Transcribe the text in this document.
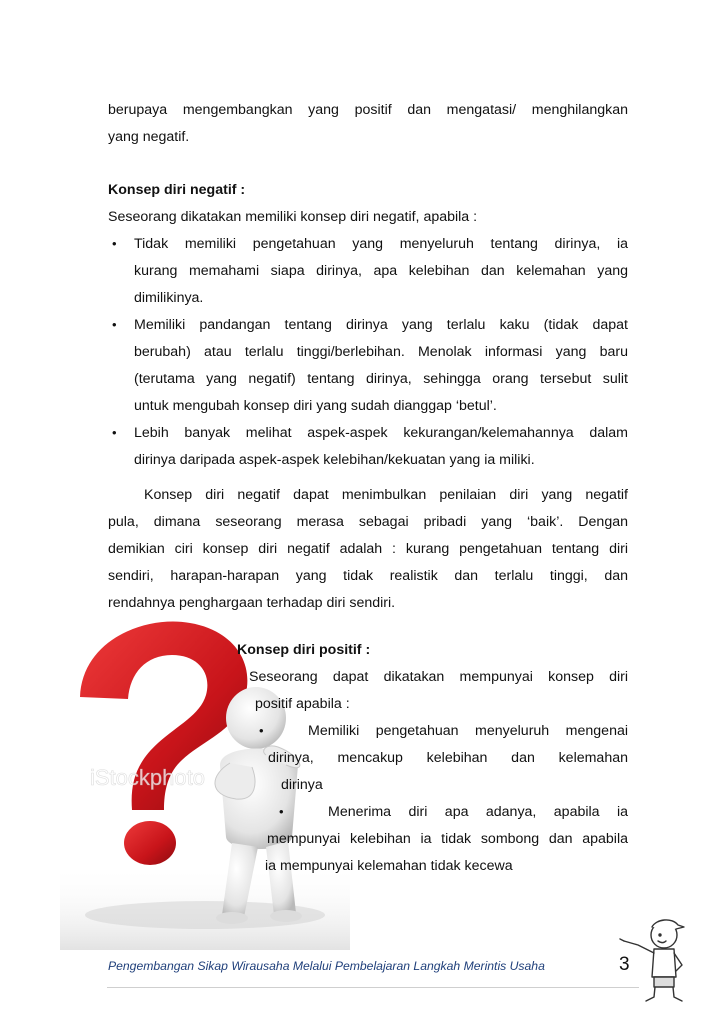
berupaya mengembangkan yang positif dan mengatasi/ menghilangkan
yang negatif.
Konsep diri negatif :
Seseorang dikatakan memiliki konsep diri negatif, apabila :
• Tidak memiliki pengetahuan yang menyeluruh tentang dirinya, ia
kurang memahami siapa dirinya, apa kelebihan dan kelemahan yang
dimilikinya.
• Memiliki pandangan tentang dirinya yang terlalu kaku (tidak dapat
berubah) atau terlalu tinggi/berlebihan. Menolak informasi yang baru
(terutama yang negatif) tentang dirinya, sehingga orang tersebut sulit
untuk mengubah konsep diri yang sudah dianggap ‘betul’.
• Lebih banyak melihat aspek-aspek kekurangan/kelemahannya dalam
dirinya daripada aspek-aspek kelebihan/kekuatan yang ia miliki.
Konsep diri negatif dapat menimbulkan penilaian diri yang negatif
pula, dimana seseorang merasa sebagai pribadi yang ‘baik’. Dengan
demikian ciri konsep diri negatif adalah : kurang pengetahuan tentang diri
sendiri, harapan-harapan yang tidak realistik dan terlalu tinggi, dan
rendahnya penghargaan terhadap diri sendiri.
iStockphoto
Konsep diri positif :
Seseorang dapat dikatakan mempunyai konsep diri
positif apabila :
•	Memiliki pengetahuan menyeluruh mengenai
dirinya, mencakup kelebihan dan kelemahan
dirinya
•	Menerima diri apa adanya, apabila ia
mempunyai kelebihan ia tidak sombong dan apabila
ia mempunyai kelemahan tidak kecewa
Pengembangan Sikap Wirausaha Melalui Pembelajaran Langkah Merintis Usaha	3
